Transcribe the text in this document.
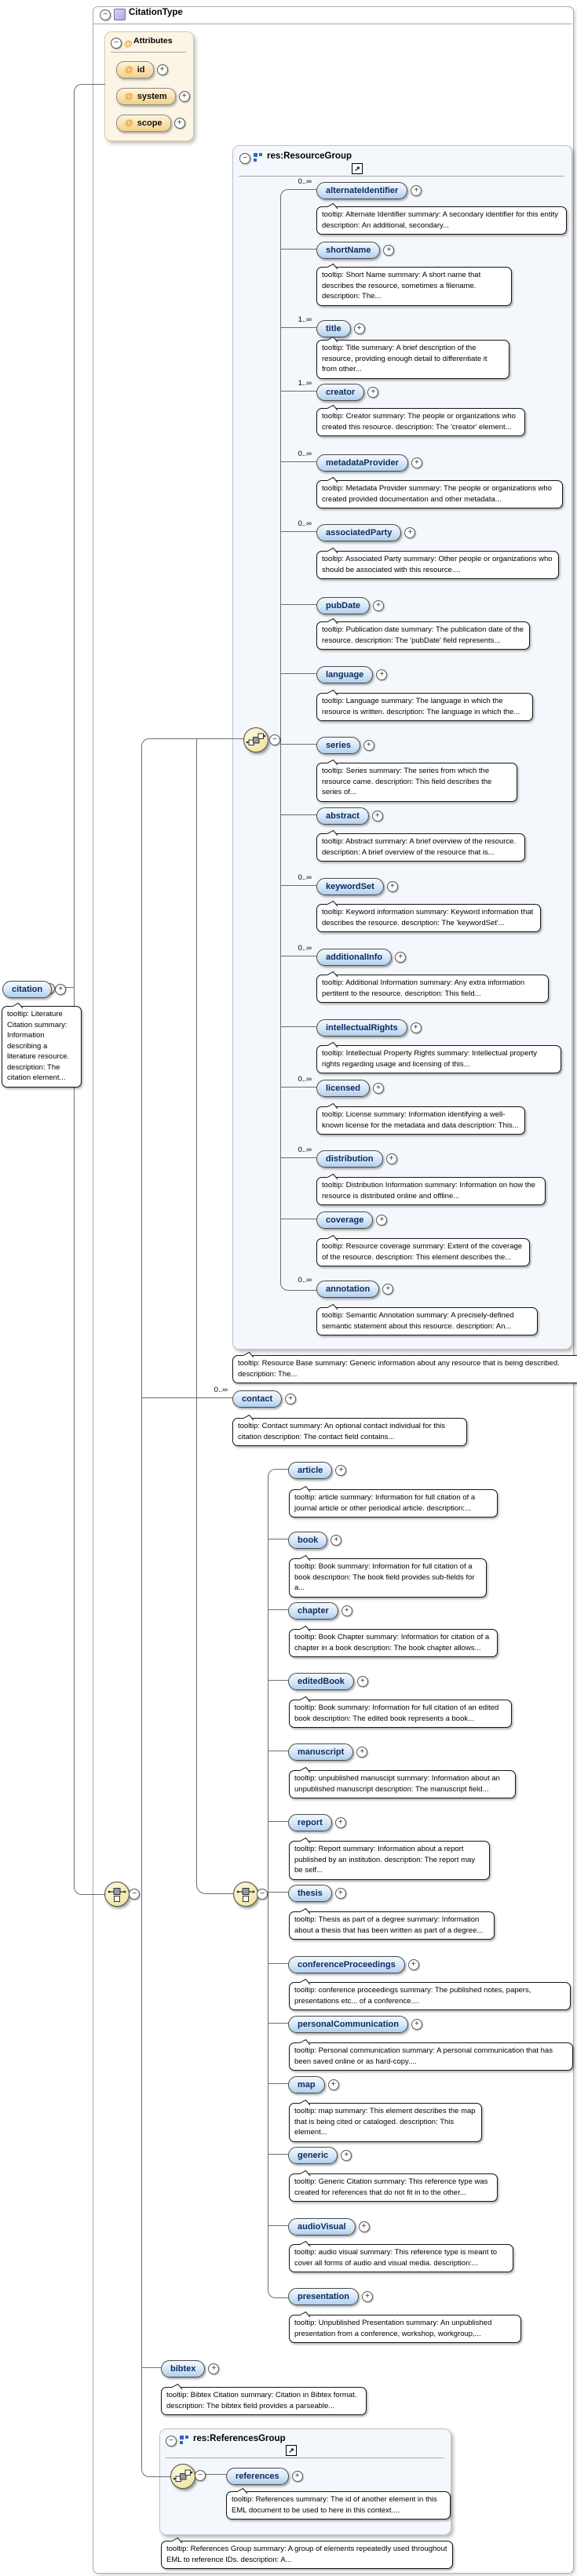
−
CitationType
−
@
Attributes
−
res:ResourceGroup
↗
−
res:ReferencesGroup
↗
−
−
−
−
−
@ id
+
@ system
+
@ scope
+
citation
+
tooltip: Literature Citation summary: Information describing a literature resource. description: The citation element...
0..∞
alternateIdentifier
+
tooltip: Alternate Identifier summary: A secondary identifier for this entity description: An additional, secondary...
shortName
+
tooltip: Short Name summary: A short name that describes the resource, sometimes a filename. description: The...
1..∞
title
+
tooltip: Title summary: A brief description of the resource, providing enough detail to differentiate it from other...
1..∞
creator
+
tooltip: Creator summary: The people or organizations who created this resource. description: The 'creator' element...
0..∞
metadataProvider
+
tooltip: Metadata Provider summary: The people or organizations who created provided documentation and other metadata...
0..∞
associatedParty
+
tooltip: Associated Party summary: Other people or organizations who should be associated with this resource....
pubDate
+
tooltip: Publication date summary: The publication date of the resource. description: The 'pubDate' field represents...
language
+
tooltip: Language summary: The language in which the resource is written. description: The language in which the...
series
+
tooltip: Series summary: The series from which the resource came. description: This field describes the series of...
abstract
+
tooltip: Abstract summary: A brief overview of the resource. description: A brief overview of the resource that is...
0..∞
keywordSet
+
tooltip: Keyword information summary: Keyword information that describes the resource. description: The 'keywordSet'...
0..∞
additionalInfo
+
tooltip: Additional Information summary: Any extra information pertitent to the resource. description: This field...
intellectualRights
+
tooltip: Intellectual Property Rights summary: Intellectual property rights regarding usage and licensing of this...
0..∞
licensed
+
tooltip: License summary: Information identifying a well-known license for the metadata and data description: This...
0..∞
distribution
+
tooltip: Distribution Information summary: Information on how the resource is distributed online and offline...
coverage
+
tooltip: Resource coverage summary: Extent of the coverage of the resource. description: This element describes the...
0..∞
annotation
+
tooltip: Semantic Annotation summary: A precisely-defined semantic statement about this resource. description: An...
tooltip: Resource Base summary: Generic information about any resource that is being described. description: The...
0..∞
contact
+
tooltip: Contact summary: An optional contact individual for this citation description: The contact field contains...
article
+
tooltip: article summary: Information for full citation of a journal article or other periodical article. description:...
book
+
tooltip: Book summary: Information for full citation of a book description: The book field provides sub-fields for a...
chapter
+
tooltip: Book Chapter summary: Information for citation of a chapter in a book description: The book chapter allows...
editedBook
+
tooltip: Book summary: Information for full citation of an edited book description: The edited book represents a book...
manuscript
+
tooltip: unpublished manuscipt summary: Information about an unpublished manuscript description: The manuscript field...
report
+
tooltip: Report summary: Information about a report published by an institution. description: The report may be self...
thesis
+
tooltip: Thesis as part of a degree summary: Information about a thesis that has been written as part of a degree...
conferenceProceedings
+
tooltip: conference proceedings summary: The published notes, papers, presentations etc... of a conference....
personalCommunication
+
tooltip: Personal communication summary: A personal communication that has been saved online or as hard-copy....
map
+
tooltip: map summary: This element describes the map that is being cited or cataloged. description: This element...
generic
+
tooltip: Generic Citation summary: This reference type was created for references that do not fit in to the other...
audioVisual
+
tooltip: audio visual summary: This reference type is meant to cover all forms of audio and visual media. description:...
presentation
+
tooltip: Unpublished Presentation summary: An unpublished presentation from a conference, workshop, workgroup,...
bibtex
+
tooltip: Bibtex Citation summary: Citation in Bibtex format. description: The bibtex field provides a parseable...
references
+
tooltip: References summary: The id of another element in this EML document to be used to here in this context....
tooltip: References Group summary: A group of elements repeatedly used throughout EML to reference IDs. description: A...
